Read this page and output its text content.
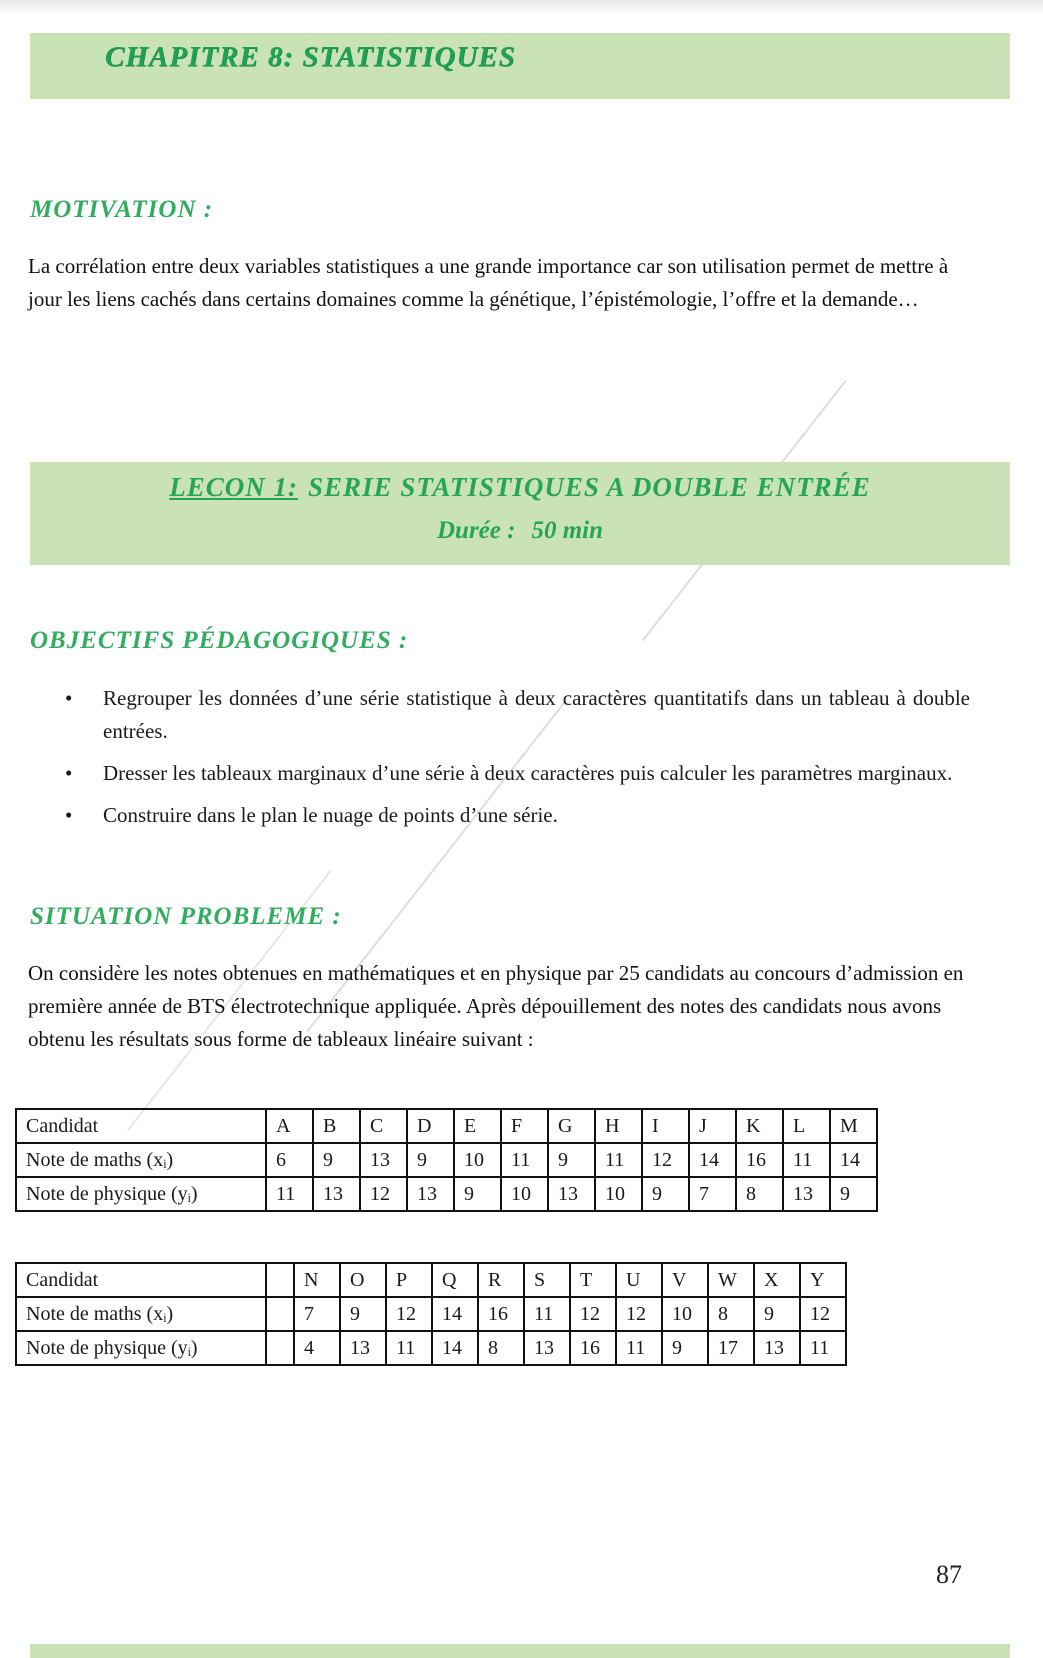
CHAPITRE 8: STATISTIQUES
MOTIVATION :
La corrélation entre deux variables statistiques a une grande importance car son utilisation permet de mettre à jour les liens cachés dans certains domaines comme la génétique, l’épistémologie, l’offre et la demande…
LECON 1: SERIE STATISTIQUES A DOUBLE ENTRÉE
Durée : 50 min
OBJECTIFS PÉDAGOGIQUES :
• Regrouper les données d’une série statistique à deux caractères quantitatifs dans un tableau à double entrées.
• Dresser les tableaux marginaux d’une série à deux caractères puis calculer les paramètres marginaux.
• Construire dans le plan le nuage de points d’une série.
SITUATION PROBLEME :
On considère les notes obtenues en mathématiques et en physique par 25 candidats au concours d’admission en première année de BTS électrotechnique appliquée. Après dépouillement des notes des candidats nous avons obtenu les résultats sous forme de tableaux linéaire suivant :
Candidat	A	B	C	D	E	F	G	H	I	J	K	L	M
Note de maths (xᵢ)	6	9	13	9	10	11	9	11	12	14	16	11	14
Note de physique (yᵢ)	11	13	12	13	9	10	13	10	9	7	8	13	9
Candidat		N	O	P	Q	R	S	T	U	V	W	X	Y
Note de maths (xᵢ)		7	9	12	14	16	11	12	12	10	8	9	12
Note de physique (yᵢ)		4	13	11	14	8	13	16	11	9	17	13	11
87
